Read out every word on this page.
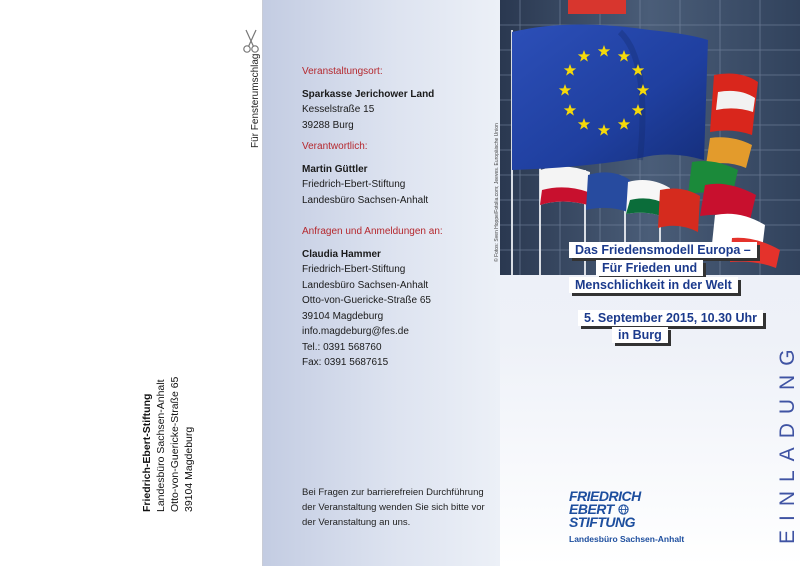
Für Fensterumschlag
Friedrich-Ebert-Stiftung Landesbüro Sachsen-Anhalt Otto-von-Guericke-Straße 65 39104 Magdeburg
Veranstaltungsort:
Sparkasse Jerichower Land
Kesselstraße 15
39288 Burg
Verantwortlich:
Martin Güttler
Friedrich-Ebert-Stiftung
Landesbüro Sachsen-Anhalt
Anfragen und Anmeldungen an:
Claudia Hammer
Friedrich-Ebert-Stiftung
Landesbüro Sachsen-Anhalt
Otto-von-Guericke-Straße 65
39104 Magdeburg
info.magdeburg@fes.de
Tel.: 0391 568760
Fax: 0391 5687615
Bei Fragen zur barrierefreien Durchführung der Veranstaltung wenden Sie sich bitte vor der Veranstaltung an uns.
© Fotos: Sven Hoppe/Fotolia.com; Jeeves. Europäische Union	Das Friedensmodell Europa –
Für Frieden und
Menschlichkeit in der Welt
5. September 2015, 10.30 Uhr
in Burg
FRIEDRICH
EBERT
STIFTUNG
Landesbüro Sachsen-Anhalt	EINLADUNG
